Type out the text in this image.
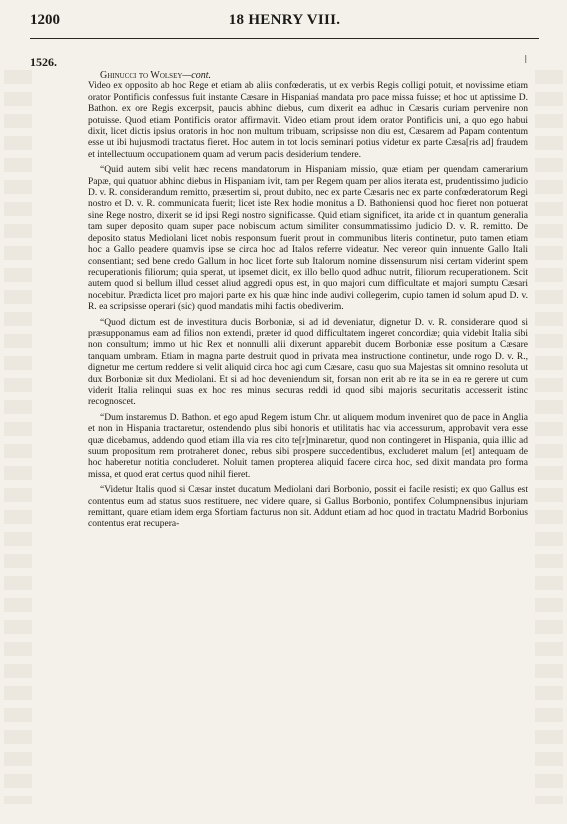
1200	18 HENRY VIII.
1526.	ǀ

Ghinucci to Wolsey—cont.

Video ex opposito ab hoc Rege et etiam ab aliis confœderatis, ut ex verbis Regis colligi potuit, et novissime etiam orator Pontificis confessus fuit instante Cæsare in Hispaniaś mandata pro pace missa fuisse; et hoc ut aptissime D. Bathon. ex ore Regis excerpsit, paucis abhinc diebus, cum dixerit ea adhuc in Cæsaris curiam pervenire non potuisse. Quod etiam Pontificis orator affirmavit. Video etiam prout idem orator Pontificis uni, a quo ego habui dixit, licet dictis ipsius oratoris in hoc non multum tribuam, scripsisse non diu est, Cæsarem ad Papam contentum esse ut ibi hujusmodi tractatus fieret. Hoc autem in tot locis seminari potius videtur ex parte Cæsa[ris ad] fraudem et intellectuum occupationem quam ad verum pacis desiderium tendere.

“Quid autem sibi velit hæc recens mandatorum in Hispaniam missio, quæ etiam per quendam camerarium Papæ, qui quatuor abhinc diebus in Hispaniam ivit, tam per Regem quam per alios iterata est, prudentissimo judicio D. v. R. considerandum remitto, præsertim si, prout dubito, nec ex parte Cæsaris nec ex parte confœderatorum Regi nostro et D. v. R. communicata fuerit; licet iste Rex hodie monitus a D. Bathoniensi quod hoc fieret non potuerat sine Rege nostro, dixerit se id ipsi Regi nostro significasse. Quid etiam significet, ita aride ct in quantum generalia tam super deposito quam super pace nobiscum actum similiter consummatissimo judicio D. v. R. remitto. De deposito status Mediolani licet nobis responsum fuerit prout in communibus literis continetur, puto tamen etiam hoc a Gallo peadere quamvis ipse se circa hoc ad Italos referre videatur. Nec vereor quin innuente Gallo Itali consentiant; sed bene credo Gallum in hoc licet forte sub Italorum nomine dissensurum nisi certam viderint spem recuperationis filiorum; quia sperat, ut ipsemet dicit, ex illo bello quod adhuc nutrit, filiorum recuperationem. Scit autem quod si bellum illud cesset aliud aggredi opus est, in quo majori cum difficultate et majori sumptu Cæsari nocebitur. Prædicta licet pro majori parte ex his quæ hinc inde audivi collegerim, cupio tamen id solum apud D. v. R. ea scripsisse operari (sic) quod mandatis mihi factis obediverim.

“Quod dictum est de investitura ducis Borboniæ, si ad id deveniatur, dignetur D. v. R. considerare quod si præsupponamus eam ad filios non extendi, præter id quod difficultatem ingeret concordiæ; quia videbit Italia sibi non consultum; immo ut hic Rex et nonnulli alii dixerunt apparebit ducem Borboniæ esse positum a Cæsare tanquam umbram. Etiam in magna parte destruit quod in privata mea instructione continetur, unde rogo D. v. R., dignetur me certum reddere si velit aliquid circa hoc agi cum Cæsare, casu quo sua Majestas sit omnino resoluta ut dux Borboniæ sit dux Mediolani. Et si ad hoc deveniendum sit, forsan non erit ab re ita se in ea re gerere ut cum viderit Italia relinqui suas ex hoc res minus securas reddi id quod sibi majoris securitatis accesserit istinc recognoscet.

“Dum instaremus D. Bathon. et ego apud Regem istum Chr. ut aliquem modum inveniret quo de pace in Anglia et non in Hispania tractaretur, ostendendo plus sibi honoris et utilitatis hac via accessurum, approbavit vera esse quæ dicebamus, addendo quod etiam illa via res cito te[r]minaretur, quod non contingeret in Hispania, quia illic ad suum propositum rem protraheret donec, rebus sibi prospere succedentibus, excluderet malum [et] antequam de hoc haberetur notitia concluderet. Noluit tamen propterea aliquid facere circa hoc, sed dixit mandata pro forma missa, et quod erat certus quod nihil fieret.

“Videtur Italis quod si Cæsar instet ducatum Mediolani dari Borbonio, possit ei facile resisti; ex quo Gallus est contentus eum ad status suos restituere, nec videre quare, si Gallus Borbonio, pontifex Columpnensibus injuriam remittant, quare etiam idem erga Sfortiam facturus non sit. Addunt etiam ad hoc quod in tractatu Madrid Borbonius contentus erat recupera-
